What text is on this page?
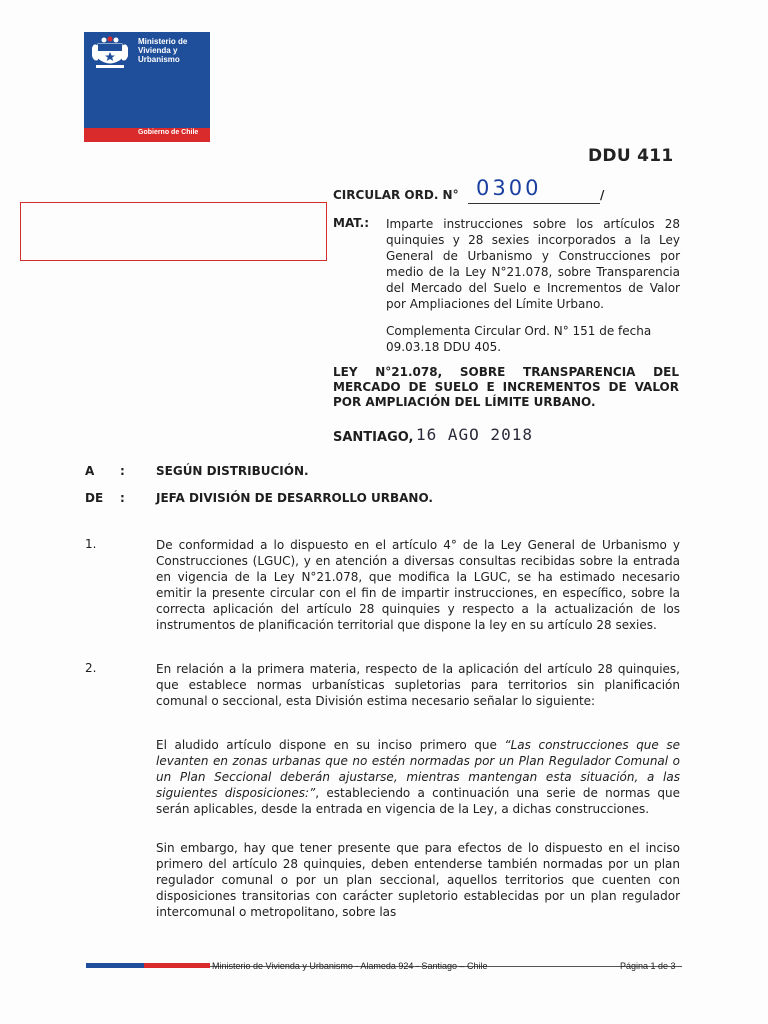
Ministerio de
Vivienda y
Urbanismo
Gobierno de Chile
DDU 411
CIRCULAR ORD. N° 0300	/
MAT.: Imparte instrucciones sobre los artículos 28 quinquies y 28 sexies incorporados a la Ley General de Urbanismo y Construcciones por medio de la Ley N°21.078, sobre Transparencia del Mercado del Suelo e Incrementos de Valor por Ampliaciones del Límite Urbano.

Complementa Circular Ord. N° 151 de fecha 09.03.18 DDU 405.

LEY N°21.078, SOBRE TRANSPARENCIA DEL MERCADO DE SUELO E INCREMENTOS DE VALOR POR AMPLIACIÓN DEL LÍMITE URBANO.

SANTIAGO, 16 AGO 2018
A :	SEGÚN DISTRIBUCIÓN.
DE :	JEFA DIVISIÓN DE DESARROLLO URBANO.
1.	De conformidad a lo dispuesto en el artículo 4° de la Ley General de Urbanismo y Construcciones (LGUC), y en atención a diversas consultas recibidas sobre la entrada en vigencia de la Ley N°21.078, que modifica la LGUC, se ha estimado necesario emitir la presente circular con el fin de impartir instrucciones, en específico, sobre la correcta aplicación del artículo 28 quinquies y respecto a la actualización de los instrumentos de planificación territorial que dispone la ley en su artículo 28 sexies.

2.	En relación a la primera materia, respecto de la aplicación del artículo 28 quinquies, que establece normas urbanísticas supletorias para territorios sin planificación comunal o seccional, esta División estima necesario señalar lo siguiente:

El aludido artículo dispone en su inciso primero que “Las construcciones que se levanten en zonas urbanas que no estén normadas por un Plan Regulador Comunal o un Plan Seccional deberán ajustarse, mientras mantengan esta situación, a las siguientes disposiciones:”, estableciendo a continuación una serie de normas que serán aplicables, desde la entrada en vigencia de la Ley, a dichas construcciones.

Sin embargo, hay que tener presente que para efectos de lo dispuesto en el inciso primero del artículo 28 quinquies, deben entenderse también normadas por un plan regulador comunal o por un plan seccional, aquellos territorios que cuenten con disposiciones transitorias con carácter supletorio establecidas por un plan regulador intercomunal o metropolitano, sobre las

Ministerio de Vivienda y Urbanismo - Alameda 924 - Santiago – Chile	Página 1 de 3
